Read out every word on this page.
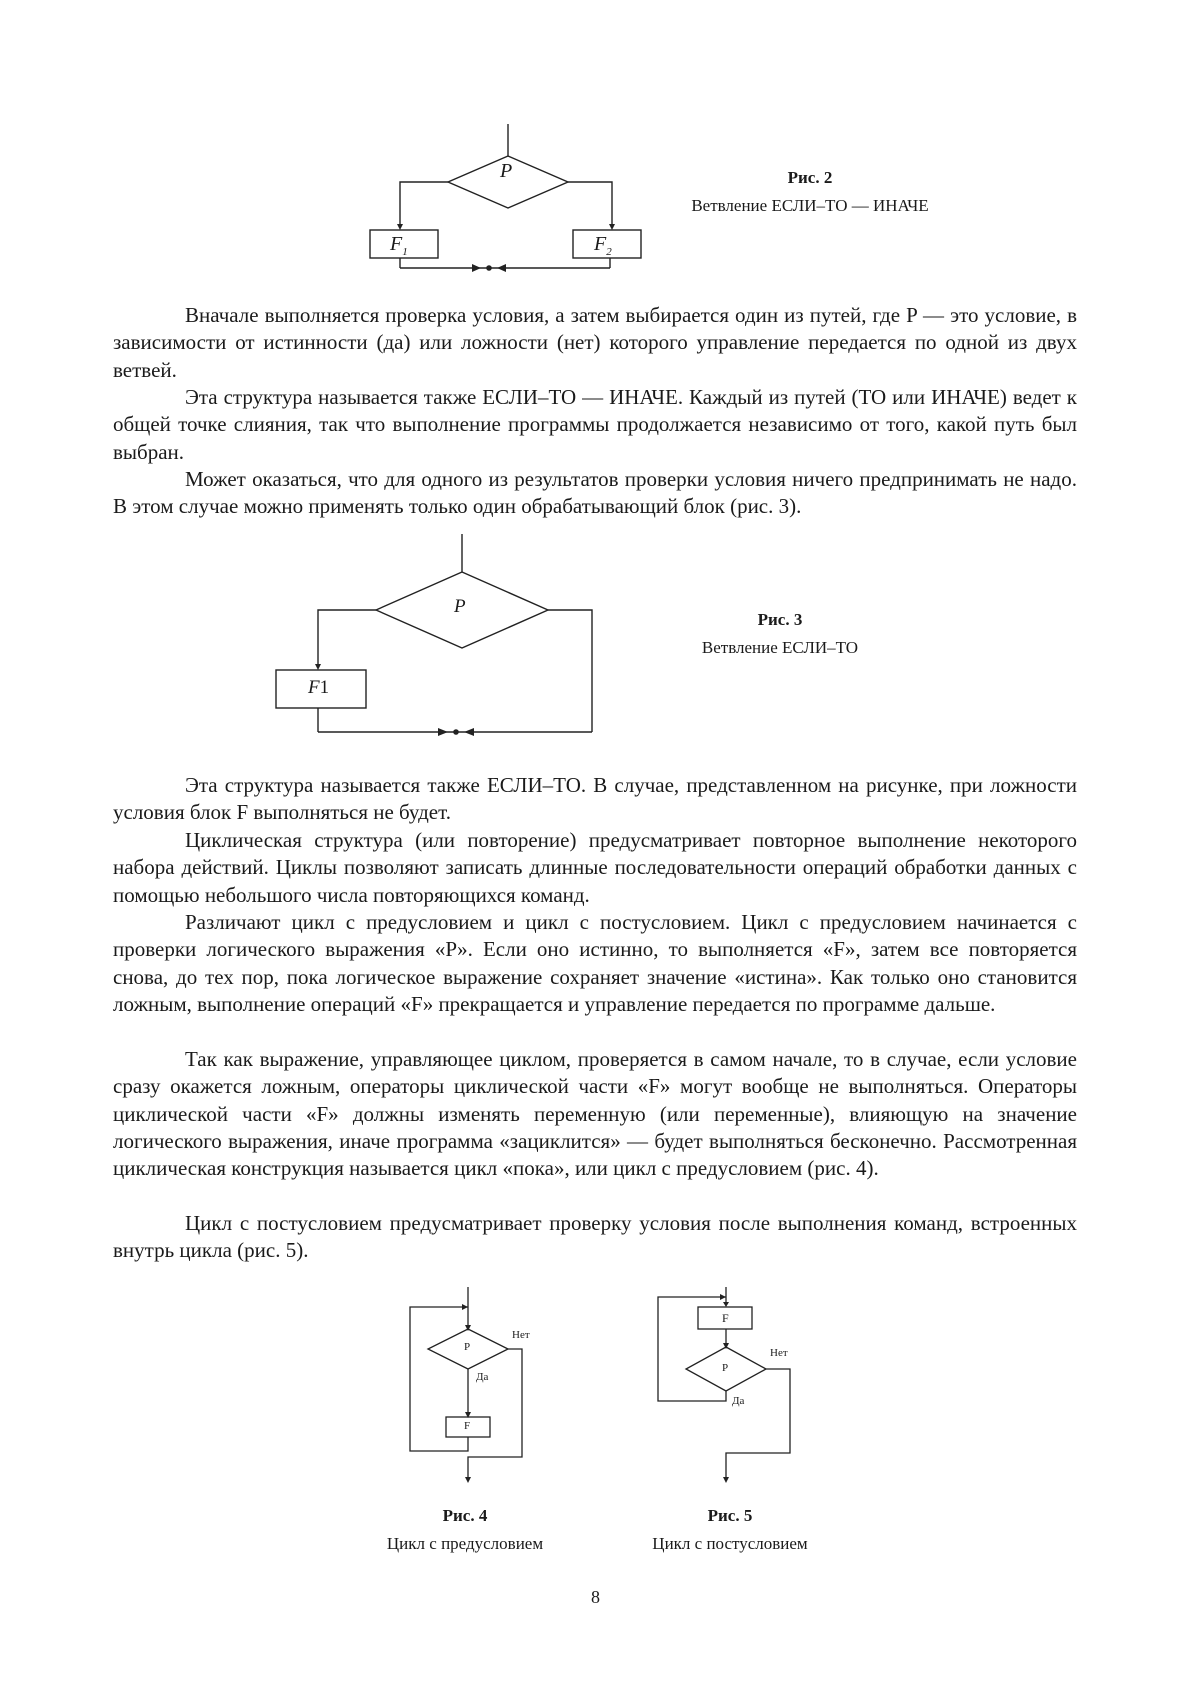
P
$F_1$	$F_2$
Рис. 2
Ветвление ЕСЛИ–ТО — ИНАЧЕ

Вначале выполняется проверка условия, а затем выбирается один из путей, где P — это условие, в зависимости от истинности (да) или ложности (нет) которого управление передается по одной из двух ветвей.

Эта структура называется также ЕСЛИ–ТО — ИНАЧЕ. Каждый из путей (ТО или ИНАЧЕ) ведет к общей точке слияния, так что выполнение программы продолжается независимо от того, какой путь был выбран.

Может оказаться, что для одного из результатов проверки условия ничего предпринимать не надо. В этом случае можно применять только один обрабатывающий блок (рис. 3).

P
F1
Рис. 3
Ветвление ЕСЛИ–ТО

Эта структура называется также ЕСЛИ–ТО. В случае, представленном на рисунке, при ложности условия блок F выполняться не будет.

Циклическая структура (или повторение) предусматривает повторное выполнение некоторого набора действий. Циклы позволяют записать длинные последовательности операций обработки данных с помощью небольшого числа повторяющихся команд.

Различают цикл с предусловием и цикл с постусловием. Цикл с предусловием начинается с проверки логического выражения «P». Если оно истинно, то выполняется «F», затем все повторяется снова, до тех пор, пока логическое выражение сохраняет значение «истина». Как только оно становится ложным, выполнение операций «F» прекращается и управление передается по программе дальше.

Так как выражение, управляющее циклом, проверяется в самом начале, то в случае, если условие сразу окажется ложным, операторы циклической части «F» могут вообще не выполняться. Операторы циклической части «F» должны изменять переменную (или переменные), влияющую на значение логического выражения, иначе программа «зациклится» — будет выполняться бесконечно. Рассмотренная циклическая конструкция называется цикл «пока», или цикл с предусловием (рис. 4).

Цикл с постусловием предусматривает проверку условия после выполнения команд, встроенных внутрь цикла (рис. 5).

P
Нет
Да
F
Рис. 4
Цикл с предусловием
F
P
Нет
Да
Рис. 5
Цикл с постусловием
8
